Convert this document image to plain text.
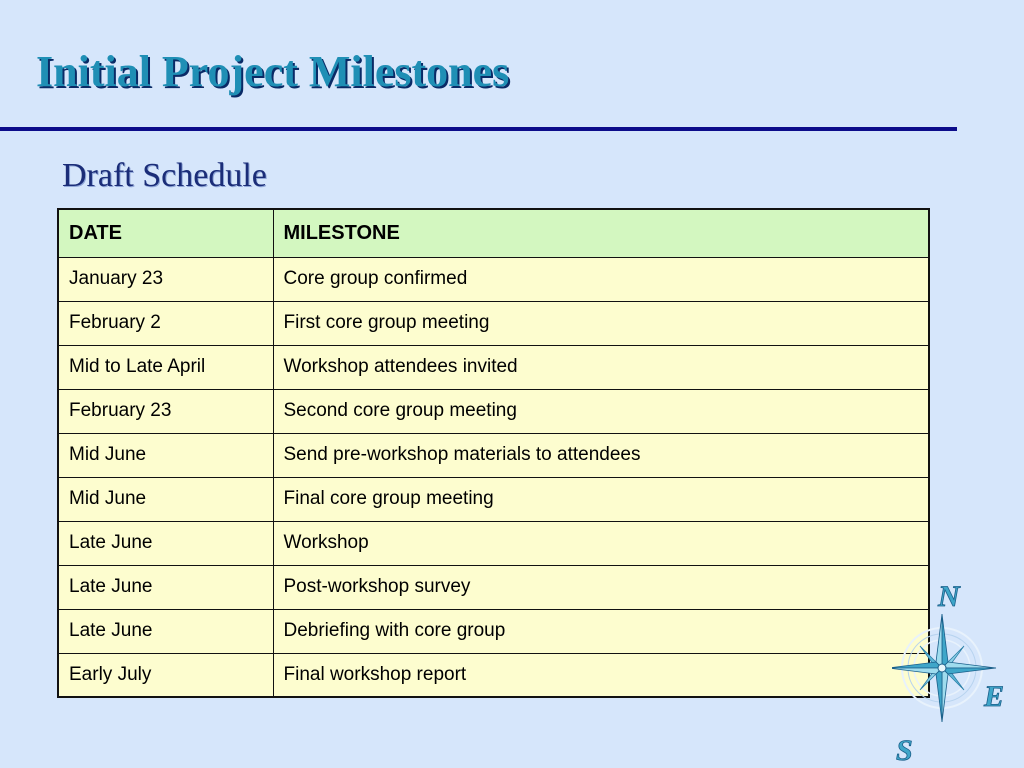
Initial Project Milestones
Draft Schedule
DATE	MILESTONE
January 23	Core group confirmed
February 2	First core group meeting
Mid to Late April	Workshop attendees invited
February 23	Second core group meeting
Mid June	Send pre-workshop materials to attendees
Mid June	Final core group meeting
Late June	Workshop
Late June	Post-workshop survey
Late June	Debriefing with core group
Early July	Final workshop report
N
E
S
